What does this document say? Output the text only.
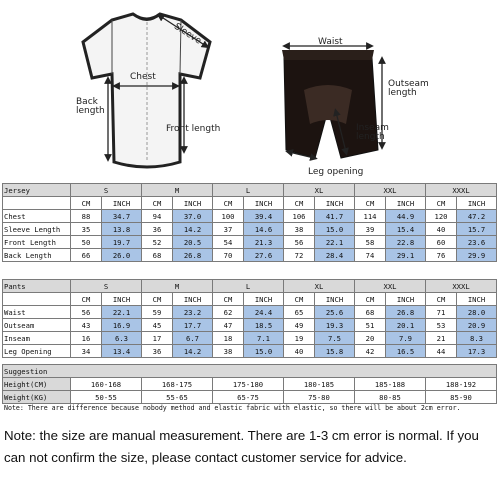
Sleeve
Chest
Back
length
Front length
Waist
Outseam
length
Inseam
length
Leg opening
Jersey	S		M		L		XL		XXL		XXXL	
	CM	INCH	CM	INCH	CM	INCH	CM	INCH	CM	INCH	CM	INCH
Chest	88	34.7	94	37.0	100	39.4	106	41.7	114	44.9	120	47.2
Sleeve Length	35	13.8	36	14.2	37	14.6	38	15.0	39	15.4	40	15.7
Front Length	50	19.7	52	20.5	54	21.3	56	22.1	58	22.8	60	23.6
Back Length	66	26.0	68	26.8	70	27.6	72	28.4	74	29.1	76	29.9
Pants	S		M		L		XL		XXL		XXXL	
	CM	INCH	CM	INCH	CM	INCH	CM	INCH	CM	INCH	CM	INCH
Waist	56	22.1	59	23.2	62	24.4	65	25.6	68	26.8	71	28.0
Outseam	43	16.9	45	17.7	47	18.5	49	19.3	51	20.1	53	20.9
Inseam	16	6.3	17	6.7	18	7.1	19	7.5	20	7.9	21	8.3
Leg Opening	34	13.4	36	14.2	38	15.0	40	15.8	42	16.5	44	17.3
Suggestion						
Height(CM)	160-168	168-175	175-180	180-185	185-188	188-192
Weight(KG)	50-55	55-65	65-75	75-80	80-85	85-90
Note: There are difference because nobody method and elastic fabric with elastic, so there will be about 2cm error.
Note: the size are manual measurement. There are 1-3 cm error is normal. If you can not confirm the size, please contact customer service for advice.
